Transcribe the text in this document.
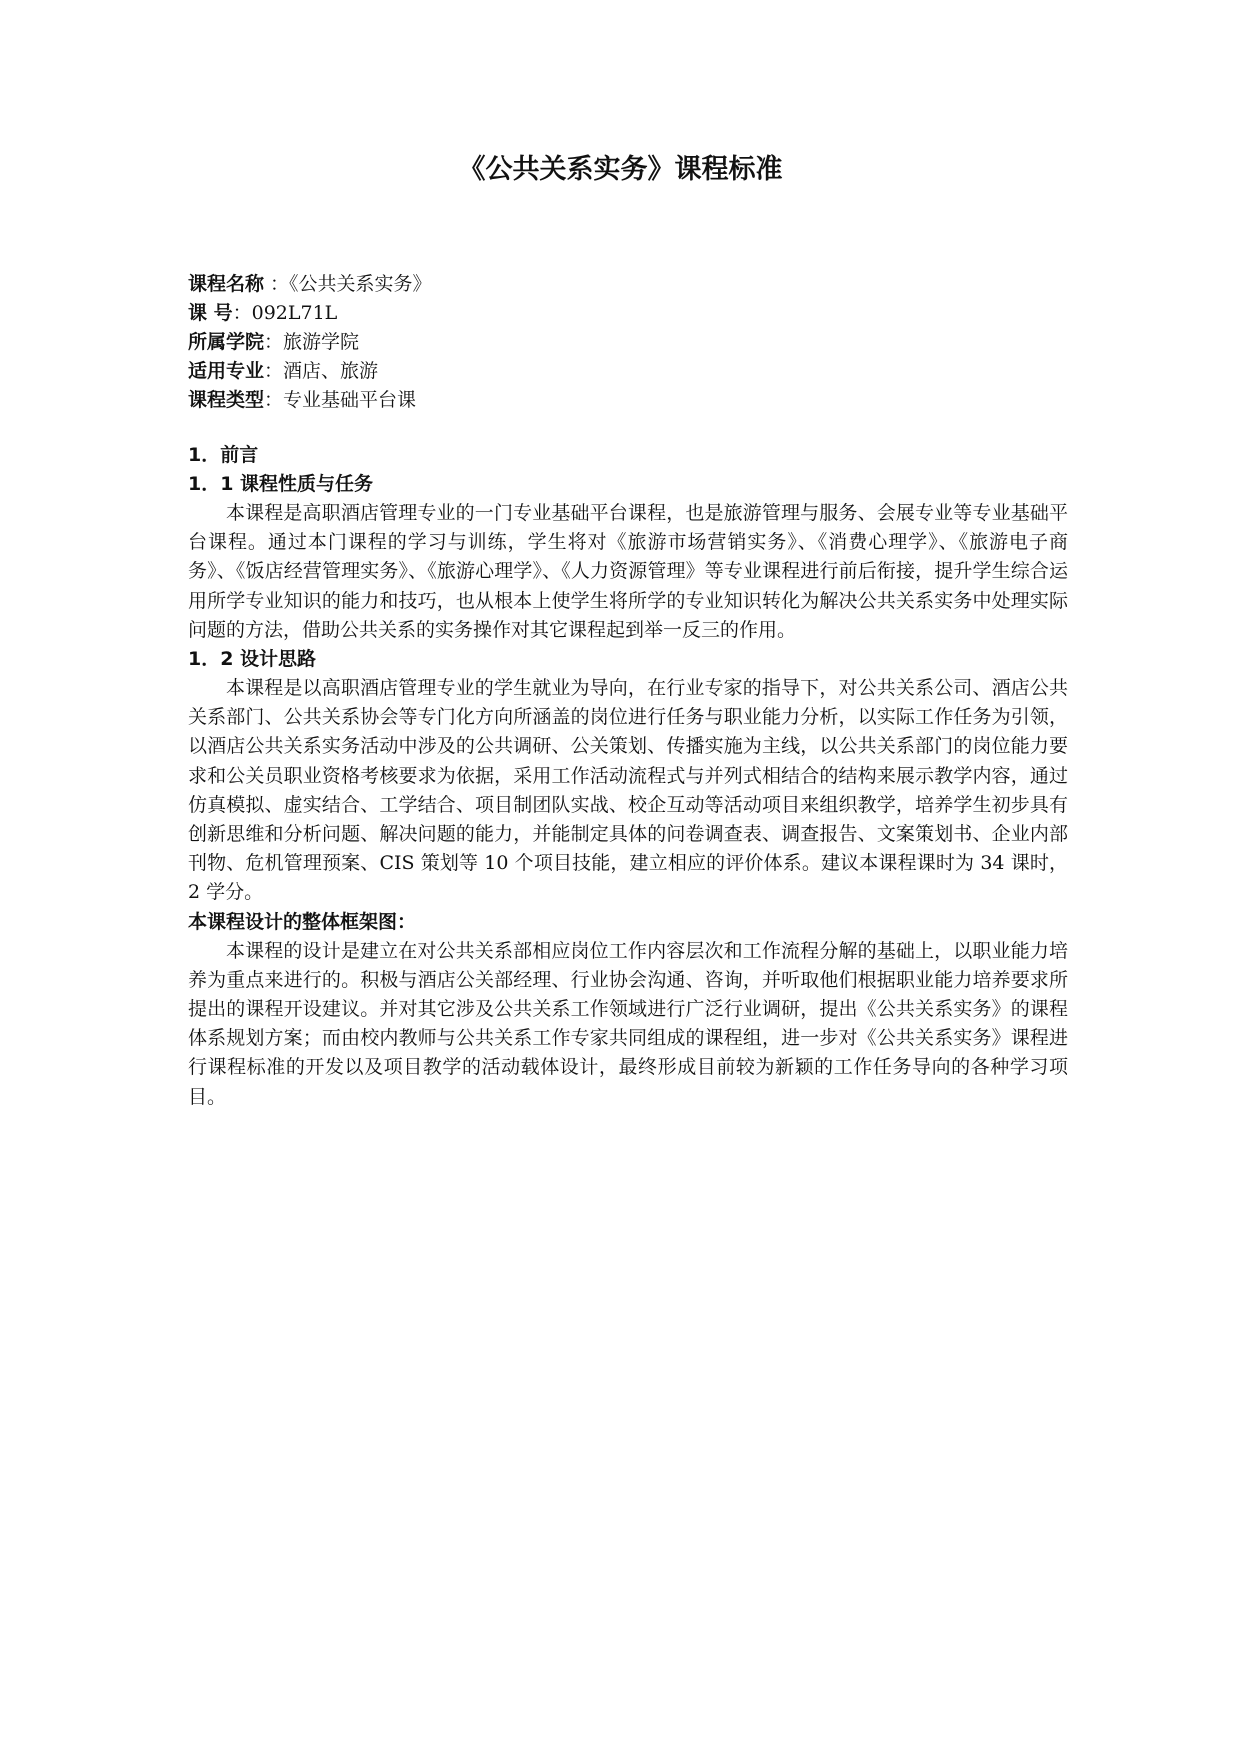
《公共关系实务》课程标准
课程名称 ：《公共关系实务》
课 号：092L71L
所属学院：旅游学院
适用专业：酒店、旅游
课程类型：专业基础平台课
1．前言
1．1 课程性质与任务

本课程是高职酒店管理专业的一门专业基础平台课程，也是旅游管理与服务、会展专业等专业基础平台课程。通过本门课程的学习与训练，学生将对《旅游市场营销实务》、《消费心理学》、《旅游电子商务》、《饭店经营管理实务》、《旅游心理学》、《人力资源管理》等专业课程进行前后衔接，提升学生综合运用所学专业知识的能力和技巧，也从根本上使学生将所学的专业知识转化为解决公共关系实务中处理实际问题的方法，借助公共关系的实务操作对其它课程起到举一反三的作用。

1．2 设计思路

本课程是以高职酒店管理专业的学生就业为导向，在行业专家的指导下，对公共关系公司、酒店公共关系部门、公共关系协会等专门化方向所涵盖的岗位进行任务与职业能力分析，以实际工作任务为引领，以酒店公共关系实务活动中涉及的公共调研、公关策划、传播实施为主线，以公共关系部门的岗位能力要求和公关员职业资格考核要求为依据，采用工作活动流程式与并列式相结合的结构来展示教学内容，通过仿真模拟、虚实结合、工学结合、项目制团队实战、校企互动等活动项目来组织教学，培养学生初步具有创新思维和分析问题、解决问题的能力，并能制定具体的问卷调查表、调查报告、文案策划书、企业内部刊物、危机管理预案、CIS 策划等 10 个项目技能，建立相应的评价体系。建议本课程课时为 34 课时，2 学分。

本课程设计的整体框架图：

本课程的设计是建立在对公共关系部相应岗位工作内容层次和工作流程分解的基础上，以职业能力培养为重点来进行的。积极与酒店公关部经理、行业协会沟通、咨询，并听取他们根据职业能力培养要求所提出的课程开设建议。并对其它涉及公共关系工作领域进行广泛行业调研，提出《公共关系实务》的课程体系规划方案；而由校内教师与公共关系工作专家共同组成的课程组，进一步对《公共关系实务》课程进行课程标准的开发以及项目教学的活动载体设计，最终形成目前较为新颖的工作任务导向的各种学习项目。
